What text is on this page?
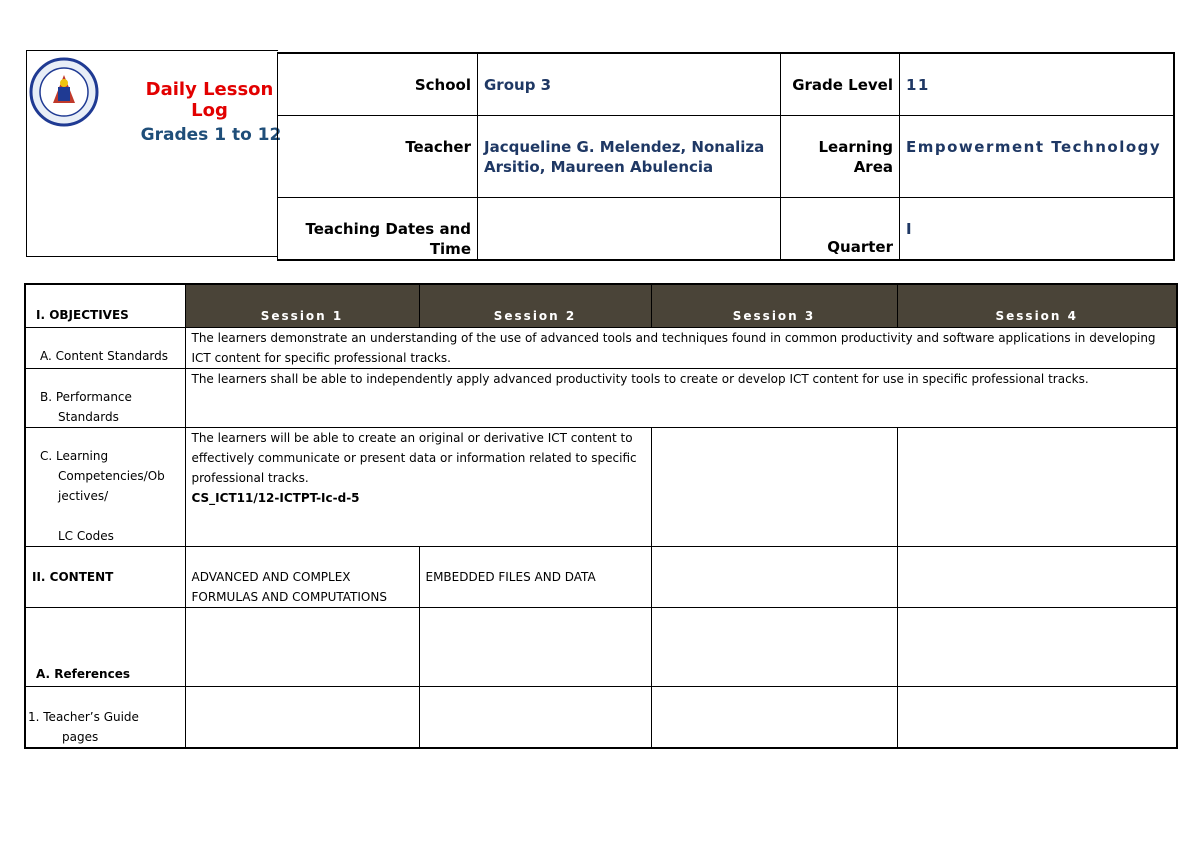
Daily Lesson Log
Grades 1 to 12
School	Group 3	Grade Level	11
Teacher	Jacqueline G. Melendez, Nonaliza Arsitio, Maureen Abulencia	Learning Area	Empowerment Technology
Teaching Dates and Time		Quarter	I
I. OBJECTIVES	Session 1	Session 2	Session 3	Session 4
A. Content Standards	The learners demonstrate an understanding of the use of advanced tools and techniques found in common productivity and software applications in developing ICT content for specific professional tracks.			
B. Performance
Standards	The learners shall be able to independently apply advanced productivity tools to create or develop ICT content for use in specific professional tracks.			
C. Learning
Competencies/Ob
jectives/
LC Codes	The learners will be able to create an original or derivative ICT content to effectively communicate or present data or information related to specific professional tracks.
CS_ICT11/12-ICTPT-Ic-d-5			

II. CONTENT	ADVANCED AND COMPLEX FORMULAS AND COMPUTATIONS	EMBEDDED FILES AND DATA		
A. References				
1. Teacher’s Guide
pages				
